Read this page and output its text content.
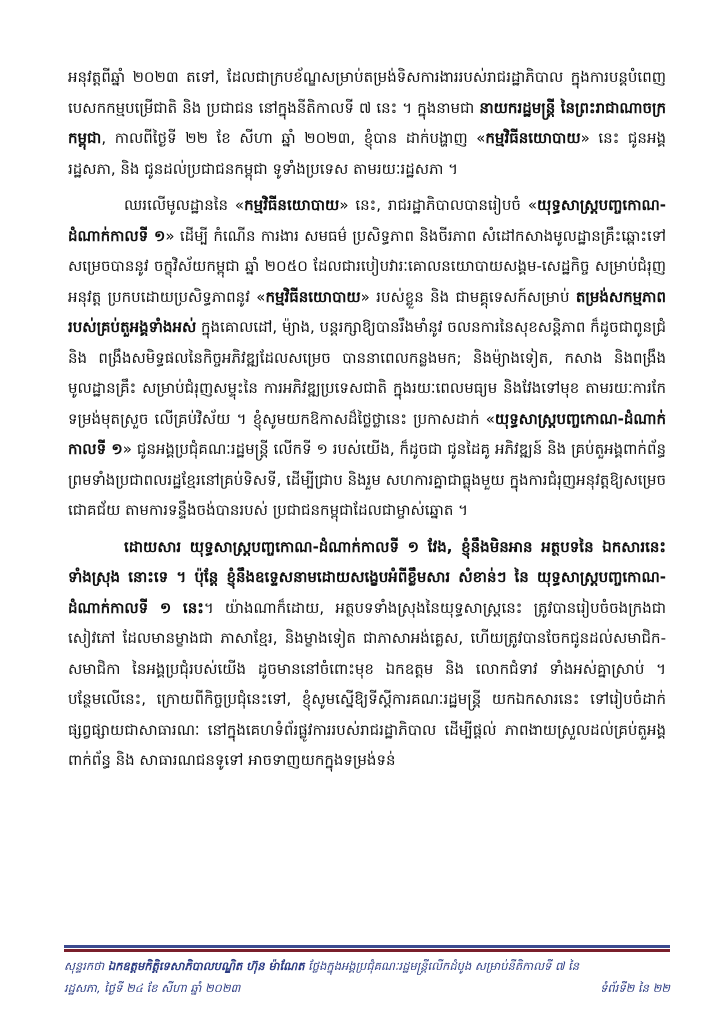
អនុវត្តពីឆ្នាំ ២០២៣ តទៅ, ដែលជាក្របខ័ណ្ឌសម្រាប់តម្រង់ទិសការងាររបស់រាជរដ្ឋាភិបាល ក្នុងការបន្តបំពេញបេសកកម្មបម្រើជាតិ និង ប្រជាជន នៅក្នុងនីតិកាលទី ៧ នេះ ។ ក្នុងនាមជា នាយករដ្ឋមន្ត្រី នៃព្រះរាជាណាចក្រកម្ពុជា, កាលពីថ្ងៃទី ២២ ខែ សីហា ឆ្នាំ ២០២៣, ខ្ញុំបាន ដាក់បង្ហាញ «កម្មវិធីនយោបាយ» នេះ ជូនអង្គរដ្ឋសភា, និង ជូនដល់ប្រជាជនកម្ពុជា ទូទាំងប្រទេស តាមរយៈរដ្ឋសភា ។

ឈរលើមូលដ្ឋាននៃ «កម្មវិធីនយោបាយ» នេះ, រាជរដ្ឋាភិបាលបានរៀបចំ «យុទ្ធសាស្ត្របញ្ចកោណ-ដំណាក់កាលទី ១» ដើម្បី កំណើន ការងារ សមធម៌ ប្រសិទ្ធភាព និងចីរភាព សំដៅកសាងមូលដ្ឋានគ្រឹះឆ្ពោះទៅសម្រេចបាននូវ ចក្ខុវិស័យកម្ពុជា ឆ្នាំ ២០៥០ ដែលជារបៀបវារៈគោលនយោបាយសង្គម-សេដ្ឋកិច្ច សម្រាប់ជំរុញអនុវត្ត ប្រកបដោយប្រសិទ្ធភាពនូវ «កម្មវិធីនយោបាយ» របស់ខ្លួន និង ជាមគ្គុទេសក៍សម្រាប់ តម្រង់សកម្មភាព របស់គ្រប់តួអង្គទាំងអស់ ក្នុងគោលដៅ, ម៉្យាង, បន្តរក្សាឱ្យបានរឹងមាំនូវ ចលនការនៃសុខសន្តិភាព ក៏ដូចជាពូនជ្រំ និង ពង្រឹងសមិទ្ធផលនៃកិច្ចអភិវឌ្ឍដែលសម្រេច បាននាពេលកន្លងមក; និងម៉្យាងទៀត, កសាង និងពង្រឹងមូលដ្ឋានគ្រឹះ សម្រាប់ជំរុញសម្ទុះនៃ ការអភិវឌ្ឍប្រទេសជាតិ ក្នុងរយៈពេលមធ្យម និងវែងទៅមុខ តាមរយៈការកែទម្រង់មុតស្រួច លើគ្រប់វិស័យ ។ ខ្ញុំសូមយកឱកាសដ៏ថ្លៃថ្លានេះ ប្រកាសដាក់ «យុទ្ធសាស្ត្របញ្ចកោណ-ដំណាក់កាលទី ១» ជូនអង្គប្រជុំគណៈរដ្ឋមន្ត្រី លើកទី ១ របស់យើង, ក៏ដូចជា ជូនដៃគូ អភិវឌ្ឍន៍ និង គ្រប់តួអង្គពាក់ព័ន្ធ ព្រមទាំងប្រជាពលរដ្ឋខ្មែរនៅគ្រប់ទិសទី, ដើម្បីជ្រាប និងរួម សហការគ្នាជាធ្លុងមួយ ក្នុងការជំរុញអនុវត្តឱ្យសម្រេចជោគជ័យ តាមការទន្ទឹងចង់បានរបស់ ប្រជាជនកម្ពុជាដែលជាម្ចាស់ឆ្នោត ។

ដោយសារ យុទ្ធសាស្ត្របញ្ចកោណ-ដំណាក់កាលទី ១ វែង, ខ្ញុំនឹងមិនអាន អត្ថបទនៃ ឯកសារនេះទាំងស្រុង នោះទេ ។ ប៉ុន្តែ ខ្ញុំនឹងឧទ្ទេសនាមដោយសង្ខេបអំពីខ្លឹមសារ សំខាន់ៗ នៃ យុទ្ធសាស្ត្របញ្ចកោណ-ដំណាក់កាលទី ១ នេះ។ យ៉ាងណាក៏ដោយ, អត្ថបទទាំងស្រុងនៃយុទ្ធសាស្ត្រនេះ ត្រូវបានរៀបចំចងក្រងជាសៀវភៅ ដែលមានម្ខាងជា ភាសាខ្មែរ, និងម្ខាងទៀត ជាភាសាអង់គ្លេស, ហើយត្រូវបានចែកជូនដល់សមាជិក-សមាជិកា នៃអង្គប្រជុំរបស់យើង ដូចមាននៅចំពោះមុខ ឯកឧត្តម និង លោកជំទាវ ទាំងអស់គ្នាស្រាប់ ។ បន្ថែមលើនេះ, ក្រោយពីកិច្ចប្រជុំនេះទៅ, ខ្ញុំសូមស្នើឱ្យទីស្តីការគណៈរដ្ឋមន្ត្រី យកឯកសារនេះ ទៅរៀបចំដាក់ផ្សព្វផ្សាយជាសាធារណៈ នៅក្នុងគេហទំព័រផ្លូវការរបស់រាជរដ្ឋាភិបាល ដើម្បីផ្តល់ ភាពងាយស្រួលដល់គ្រប់តួអង្គពាក់ព័ន្ធ និង សាធារណជនទូទៅ អាចទាញយកក្នុងទម្រង់ទន់

សុន្ទរកថា ឯកឧត្តមកិត្តិទេសាភិបាលបណ្ឌិត ហ៊ុន ម៉ាណែត ថ្លែងក្នុងអង្គប្រជុំគណៈរដ្ឋមន្ត្រីលើកដំបូង សម្រាប់នីតិកាលទី ៧ នៃ
រដ្ឋសភា, ថ្ងៃទី ២៤ ខែ សីហា ឆ្នាំ ២០២៣	ទំព័រទី២ នៃ ២២
